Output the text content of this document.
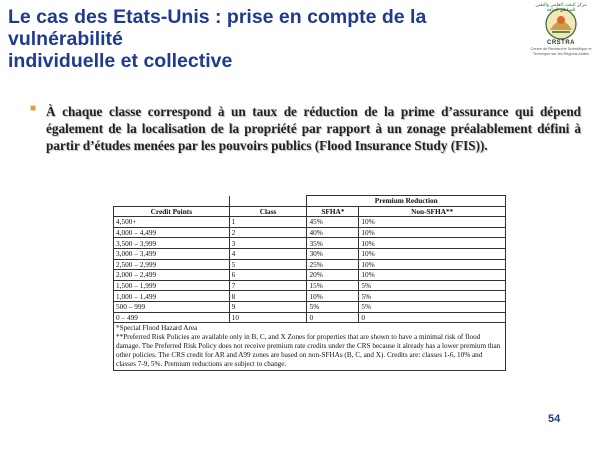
Le cas des Etats-Unis : prise en compte de la vulnérabilité
individuelle et collective
مركز البحث العلمي والتقني للمناطق الجافة
CRSTRA
Centre de Recherche Scientifique et Technique sur les Régions Arides
■ À chaque classe correspond à un taux de réduction de la prime d’assurance qui dépend également de la localisation de la propriété par rapport à un zonage préalablement défini à partir d’études menées par les pouvoirs publics (Flood Insurance Study (FIS)).
		Premium Reduction	
Credit Points	Class	SFHA*	Non-SFHA**
4,500+	1	45%	10%
4,000 – 4,499	2	40%	10%
3,500 – 3,999	3	35%	10%
3,000 – 3,499	4	30%	10%
2,500 – 2,999	5	25%	10%
2,000 – 2,499	6	20%	10%
1,500 – 1,999	7	15%	5%
1,000 – 1,499	8	10%	5%
500 – 999	9	5%	5%
0 – 499	10	0	0
*Special Flood Hazard Area
**Preferred Risk Policies are available only in B, C, and X Zones for properties that are shown to have a minimal risk of flood damage. The Preferred Risk Policy does not receive premium rate credits under the CRS because it already has a lower premium than other policies. The CRS credit for AR and A99 zones are based on non-SFHAs (B, C, and X). Credits are: classes 1-6, 10% and classes 7-9, 5%. Premium reductions are subject to change.
54
